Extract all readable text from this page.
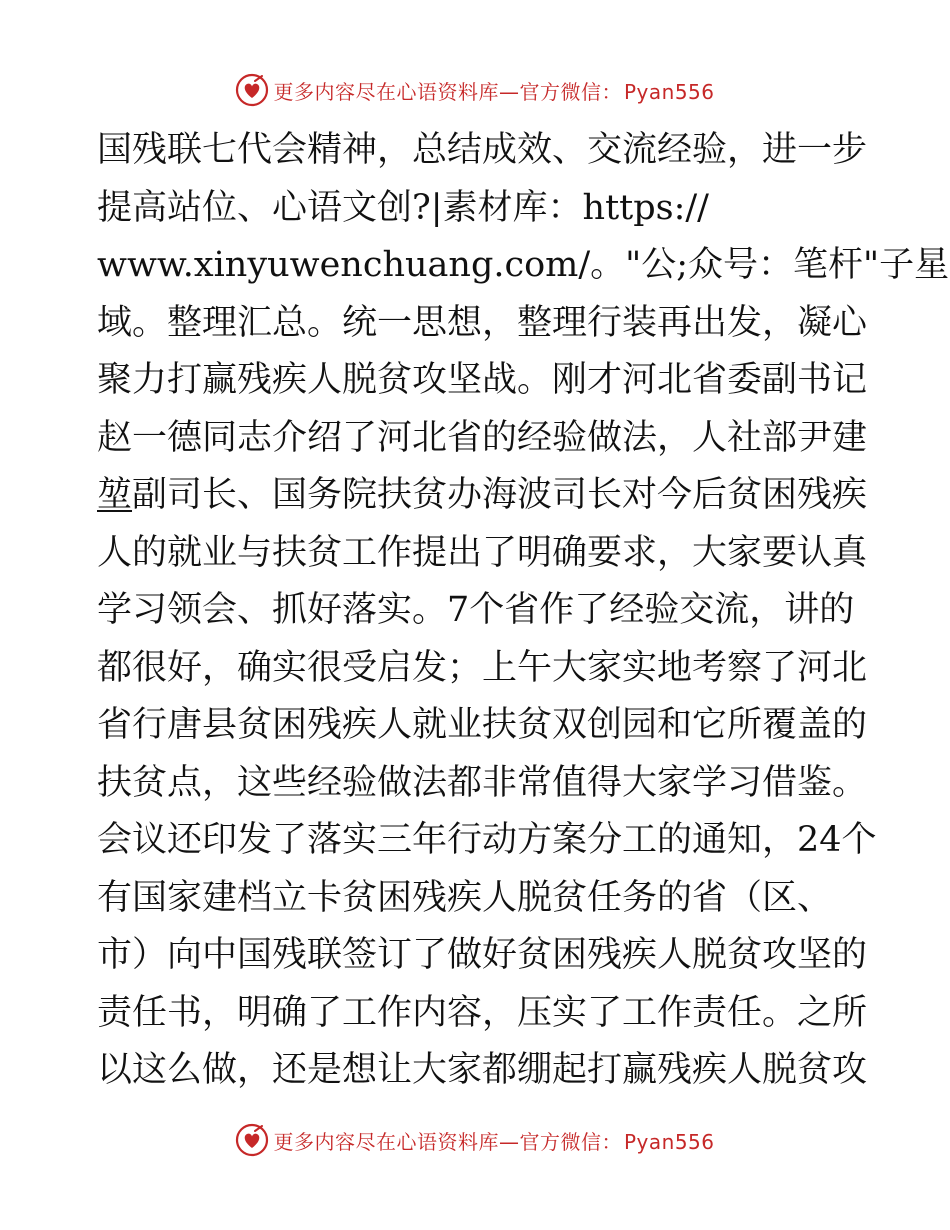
更多内容尽在心语资料库—官方微信： Pyan556
国残联七代会精神，总结成效、交流经验，进一步
提高站位、心语文创?|素材库：https://
www.xinyuwenchuang.com/。"公;众号：笔杆"子星
域。整理汇总。统一思想，整理行装再出发，凝心
聚力打赢残疾人脱贫攻坚战。刚才河北省委副书记
赵一德同志介绍了河北省的经验做法，人社部尹建
堃副司长、国务院扶贫办海波司长对今后贫困残疾
人的就业与扶贫工作提出了明确要求，大家要认真
学习领会、抓好落实。7个省作了经验交流，讲的
都很好，确实很受启发；上午大家实地考察了河北
省行唐县贫困残疾人就业扶贫双创园和它所覆盖的
扶贫点，这些经验做法都非常值得大家学习借鉴。
会议还印发了落实三年行动方案分工的通知，24个
有国家建档立卡贫困残疾人脱贫任务的省（区、
市）向中国残联签订了做好贫困残疾人脱贫攻坚的
责任书，明确了工作内容，压实了工作责任。之所
以这么做，还是想让大家都绷起打赢残疾人脱贫攻
更多内容尽在心语资料库—官方微信： Pyan556
